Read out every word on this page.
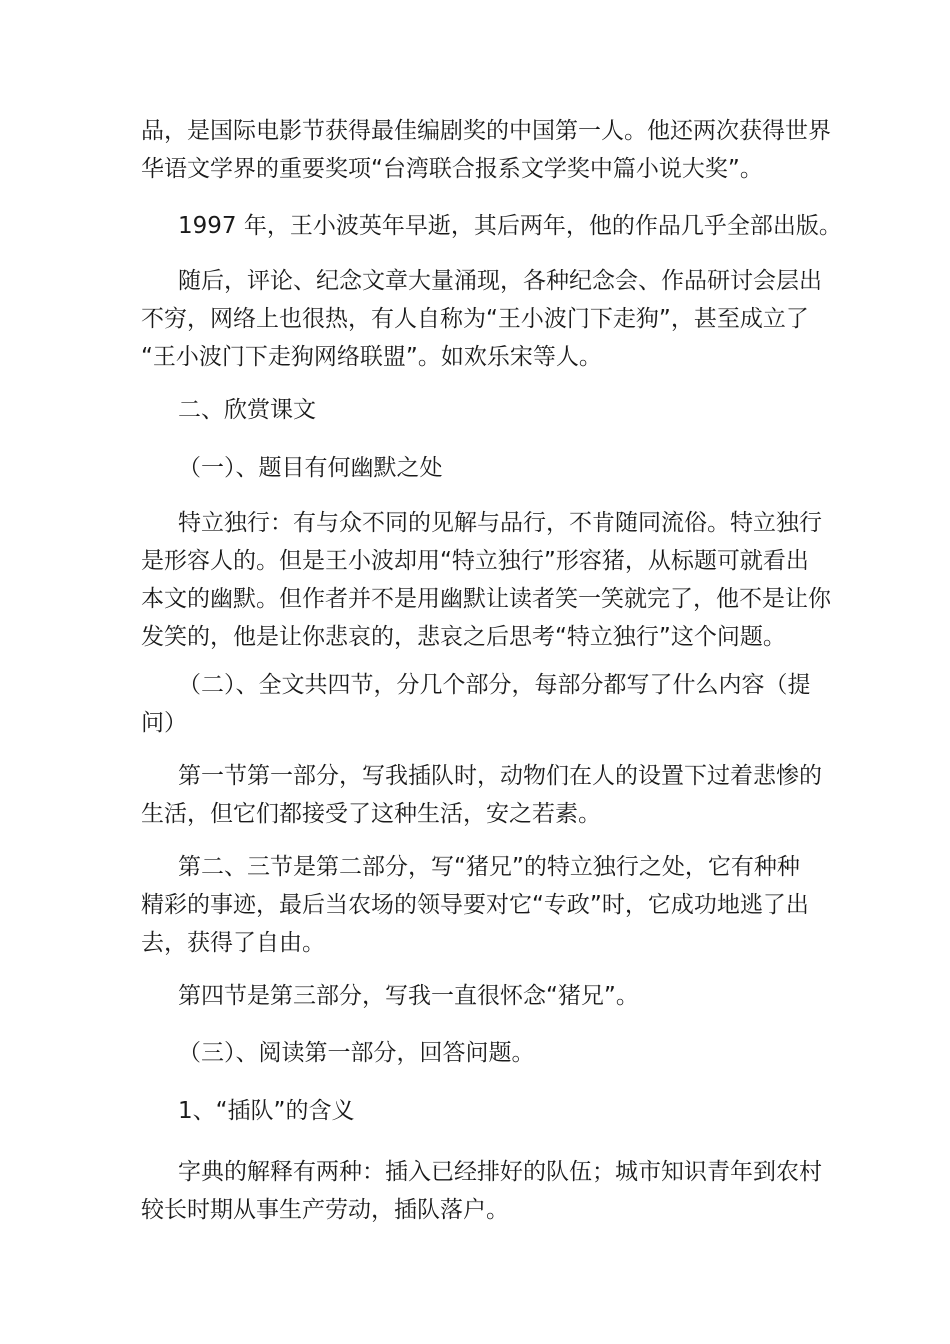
品，是国际电影节获得最佳编剧奖的中国第一人。他还两次获得世界
华语文学界的重要奖项“台湾联合报系文学奖中篇小说大奖”。
1997 年，王小波英年早逝，其后两年，他的作品几乎全部出版。
随后，评论、纪念文章大量涌现，各种纪念会、作品研讨会层出
不穷，网络上也很热，有人自称为“王小波门下走狗”，甚至成立了
“王小波门下走狗网络联盟”。如欢乐宋等人。
二、欣赏课文
（一）、题目有何幽默之处
特立独行：有与众不同的见解与品行，不肯随同流俗。特立独行
是形容人的。但是王小波却用“特立独行”形容猪，从标题可就看出
本文的幽默。但作者并不是用幽默让读者笑一笑就完了，他不是让你
发笑的，他是让你悲哀的，悲哀之后思考“特立独行”这个问题。
（二）、全文共四节，分几个部分，每部分都写了什么内容（提
问）
第一节第一部分，写我插队时，动物们在人的设置下过着悲惨的
生活，但它们都接受了这种生活，安之若素。
第二、三节是第二部分，写“猪兄”的特立独行之处，它有种种
精彩的事迹，最后当农场的领导要对它“专政”时，它成功地逃了出
去，获得了自由。
第四节是第三部分，写我一直很怀念“猪兄”。
（三）、阅读第一部分，回答问题。
1、“插队”的含义
字典的解释有两种：插入已经排好的队伍；城市知识青年到农村
较长时期从事生产劳动，插队落户。
